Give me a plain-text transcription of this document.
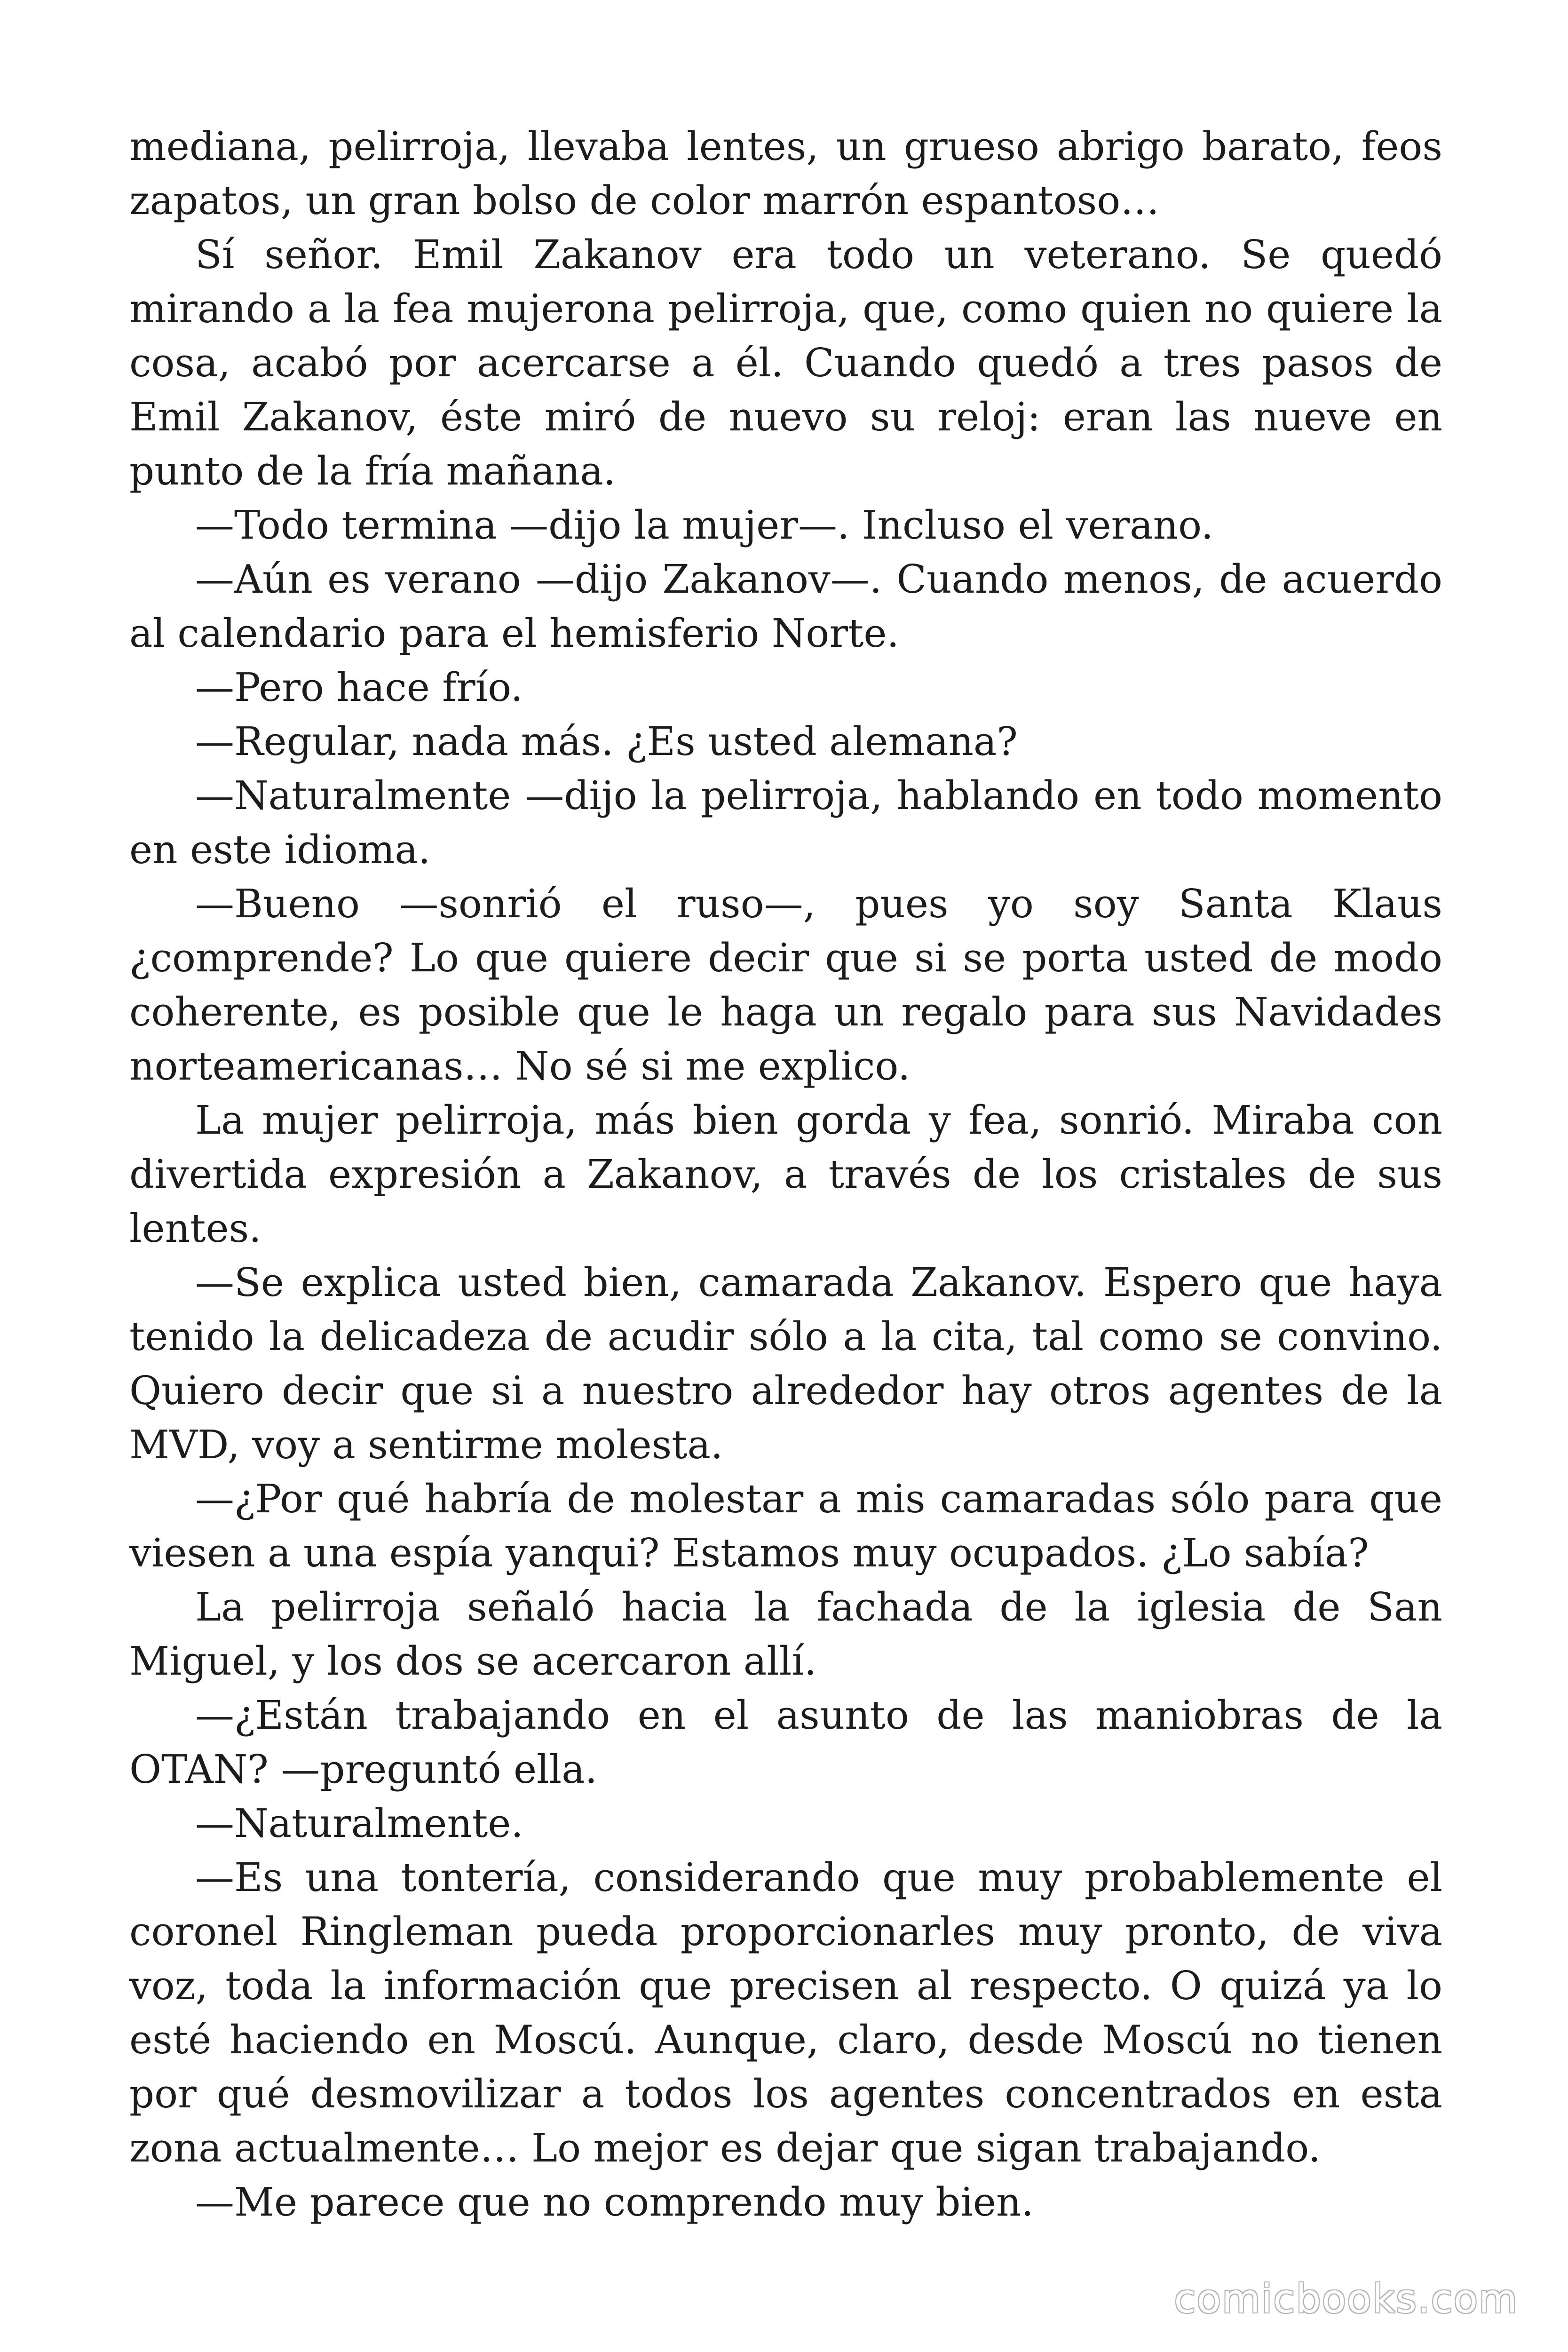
mediana, pelirroja, llevaba lentes, un grueso abrigo barato, feos zapatos, un gran bolso de color marrón espantoso…

Sí señor. Emil Zakanov era todo un veterano. Se quedó mirando a la fea mujerona pelirroja, que, como quien no quiere la cosa, acabó por acercarse a él. Cuando quedó a tres pasos de Emil Zakanov, éste miró de nuevo su reloj: eran las nueve en punto de la fría mañana.

—Todo termina —dijo la mujer—. Incluso el verano.

—Aún es verano —dijo Zakanov—. Cuando menos, de acuerdo al calendario para el hemisferio Norte.

—Pero hace frío.

—Regular, nada más. ¿Es usted alemana?

—Naturalmente —dijo la pelirroja, hablando en todo momento en este idioma.

—Bueno —sonrió el ruso—, pues yo soy Santa Klaus ¿comprende? Lo que quiere decir que si se porta usted de modo coherente, es posible que le haga un regalo para sus Navidades norteamericanas… No sé si me explico.

La mujer pelirroja, más bien gorda y fea, sonrió. Miraba con divertida expresión a Zakanov, a través de los cristales de sus lentes.

—Se explica usted bien, camarada Zakanov. Espero que haya tenido la delicadeza de acudir sólo a la cita, tal como se convino. Quiero decir que si a nuestro alrededor hay otros agentes de la MVD, voy a sentirme molesta.

—¿Por qué habría de molestar a mis camaradas sólo para que viesen a una espía yanqui? Estamos muy ocupados. ¿Lo sabía?

La pelirroja señaló hacia la fachada de la iglesia de San Miguel, y los dos se acercaron allí.

—¿Están trabajando en el asunto de las maniobras de la OTAN? —preguntó ella.

—Naturalmente.

—Es una tontería, considerando que muy probablemente el coronel Ringleman pueda proporcionarles muy pronto, de viva voz, toda la información que precisen al respecto. O quizá ya lo esté haciendo en Moscú. Aunque, claro, desde Moscú no tienen por qué desmovilizar a todos los agentes concentrados en esta zona actualmente… Lo mejor es dejar que sigan trabajando.

—Me parece que no comprendo muy bien.

comicbooks.com
